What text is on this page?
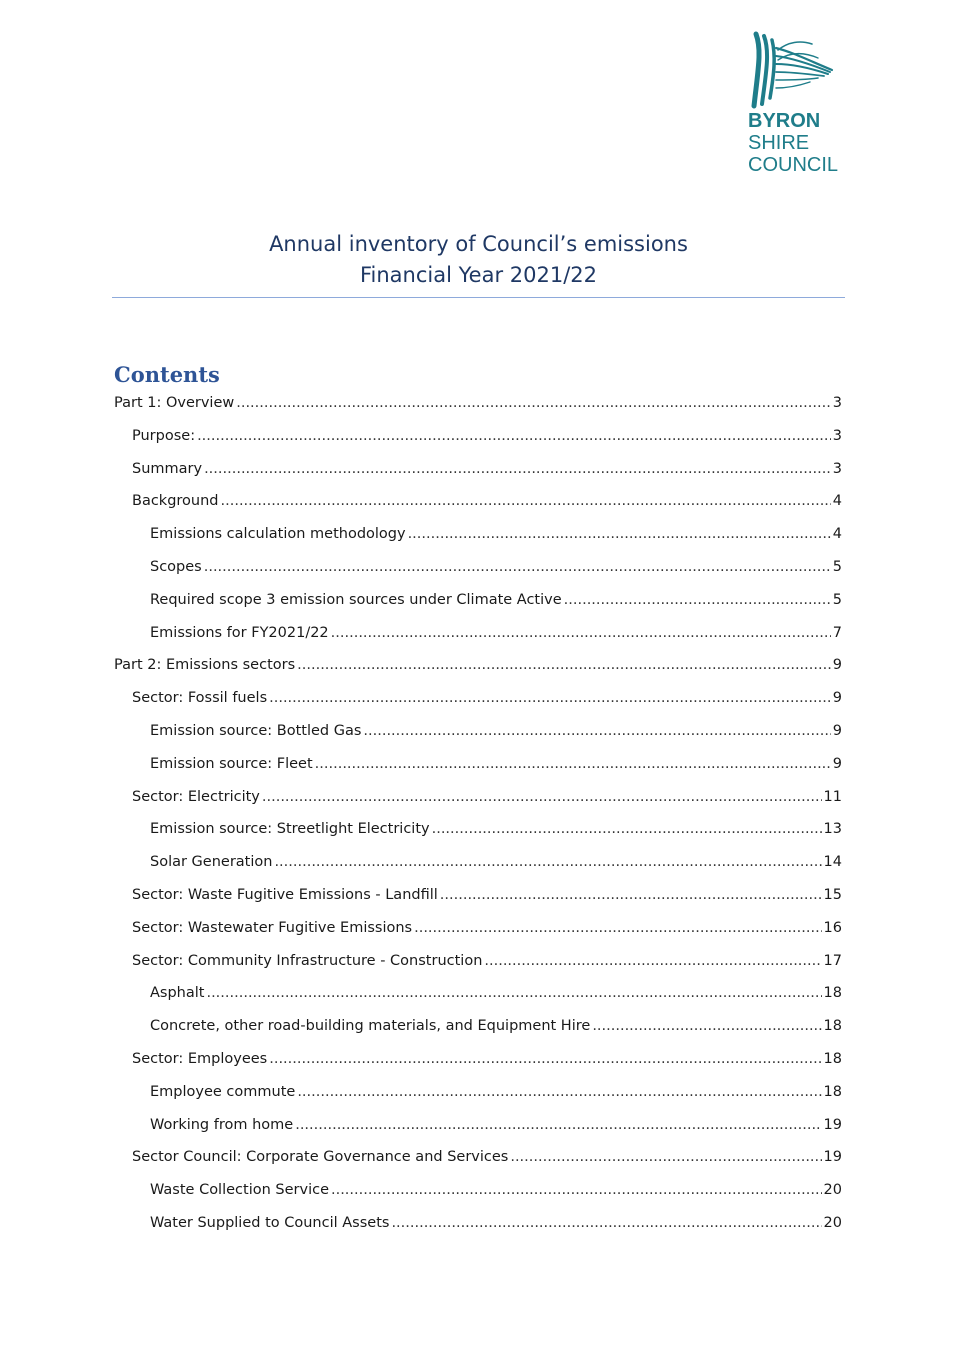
BYRON
SHIRE
COUNCIL
Annual inventory of Council’s emissions
Financial Year 2021/22
Contents
Part 1: Overview .....	3
Purpose: .....	3
Summary .....	3
Background .....	4
Emissions calculation methodology .....	4
Scopes .....	5
Required scope 3 emission sources under Climate Active .....	5
Emissions for FY2021/22 .....	7
Part 2: Emissions sectors .....	9
Sector: Fossil fuels .....	9
Emission source: Bottled Gas .....	9
Emission source: Fleet .....	9
Sector: Electricity .....	11
Emission source: Streetlight Electricity .....	13
Solar Generation .....	14
Sector: Waste Fugitive Emissions - Landfill .....	15
Sector: Wastewater Fugitive Emissions .....	16
Sector: Community Infrastructure - Construction .....	17
Asphalt .....	18
Concrete, other road-building materials, and Equipment Hire .....	18
Sector: Employees .....	18
Employee commute .....	18
Working from home .....	19
Sector Council: Corporate Governance and Services .....	19
Waste Collection Service .....	20
Water Supplied to Council Assets .....	20
